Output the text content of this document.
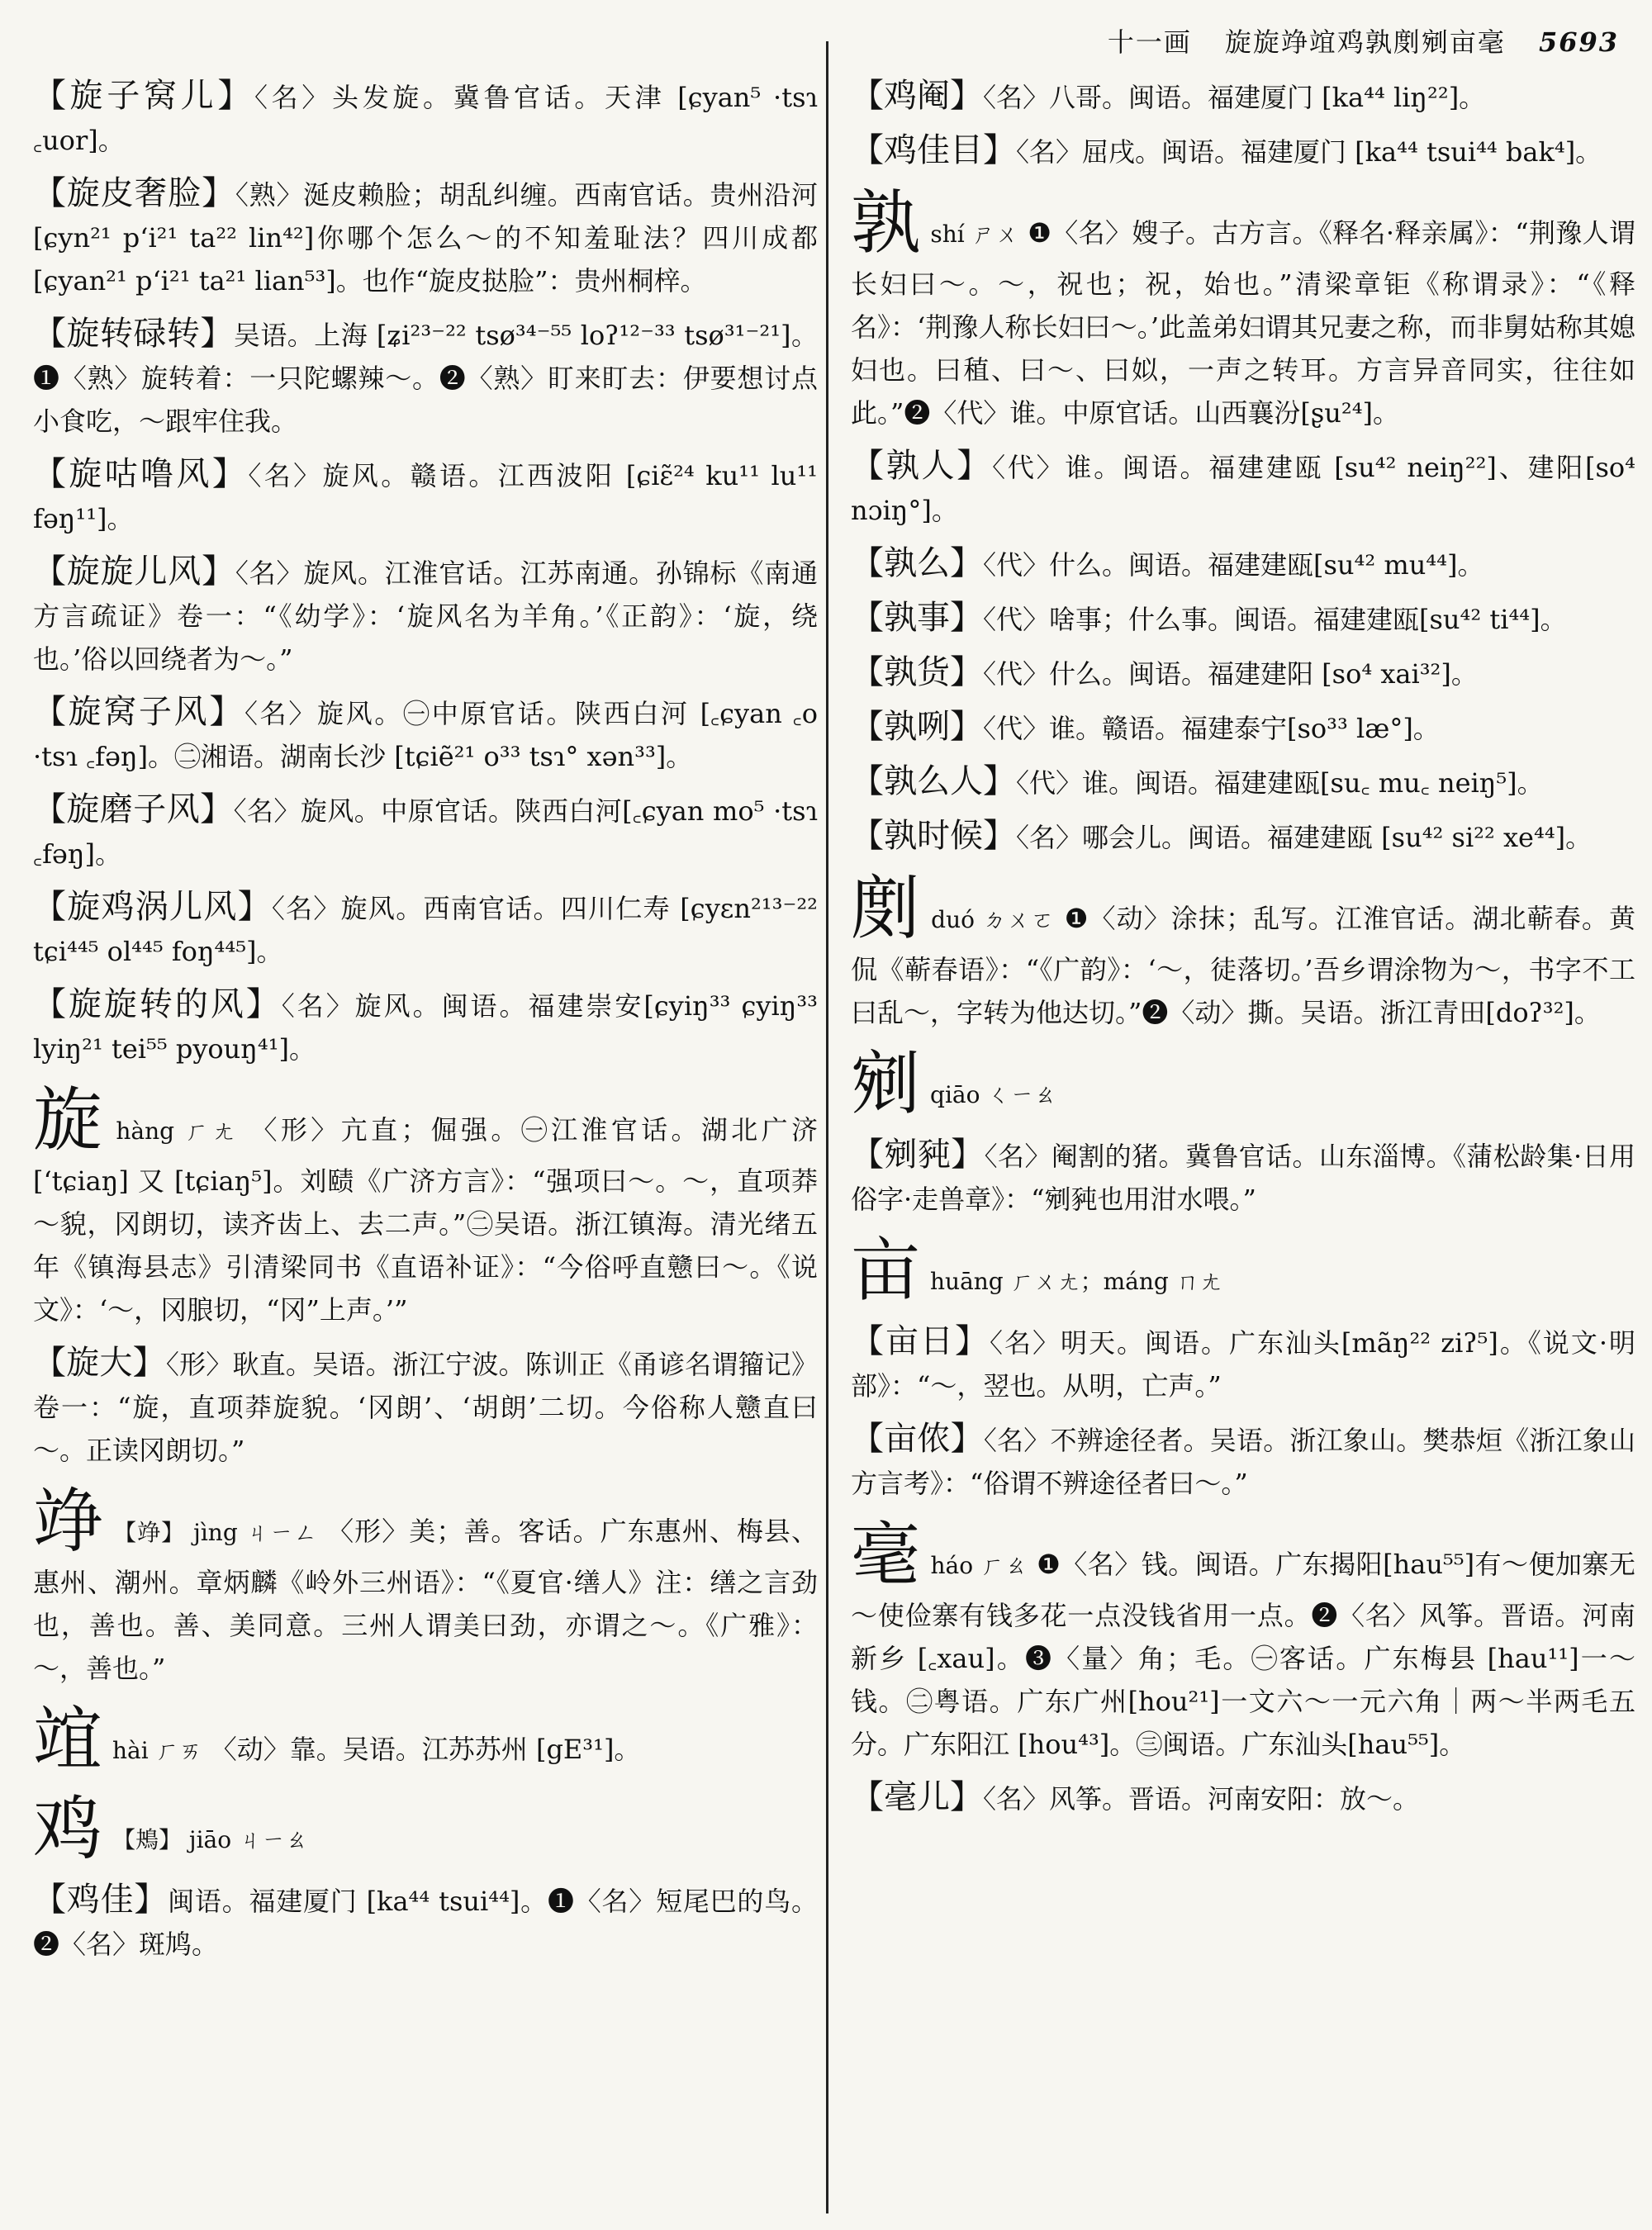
十一画 旋旋竫竩鸡孰剫剜亩毫 5693
【旋子窝儿】〈名〉头发旋。冀鲁官话。天津 [ɕyan⁵ ·tsɿ ꜀uor]。
【旋皮奢脸】〈熟〉涎皮赖脸；胡乱纠缠。西南官话。贵州沿河[ɕyn²¹ pʻi²¹ ta²² lin⁴²]你哪个怎么～的不知羞耻法？四川成都 [ɕyan²¹ pʻi²¹ ta²¹ lian⁵³]。也作“旋皮挞脸”：贵州桐梓。
【旋转碌转】吴语。上海 [ʑi²³⁻²² tsø³⁴⁻⁵⁵ loʔ¹²⁻³³ tsø³¹⁻²¹]。❶〈熟〉旋转着：一只陀螺辣～。❷〈熟〉盯来盯去：伊要想讨点小食吃，～跟牢住我。
【旋咕噜风】〈名〉旋风。赣语。江西波阳 [ɕiɛ̃²⁴ ku¹¹ lu¹¹ fəŋ¹¹]。
【旋旋儿风】〈名〉旋风。江淮官话。江苏南通。孙锦标《南通方言疏证》卷一：“《幼学》：‘旋风名为羊角。’《正韵》：‘旋，绕也。’俗以回绕者为～。”
【旋窝子风】〈名〉旋风。㊀中原官话。陕西白河 [꜀ɕyan ꜀o ·tsɿ ꜀fəŋ]。㊁湘语。湖南长沙 [tɕiẽ²¹ o³³ tsɿ° xən³³]。
【旋磨子风】〈名〉旋风。中原官话。陕西白河[꜀ɕyan mo⁵ ·tsɿ ꜀fəŋ]。
【旋鸡涡儿风】〈名〉旋风。西南官话。四川仁寿 [ɕyɛn²¹³⁻²² tɕi⁴⁴⁵ ol⁴⁴⁵ foŋ⁴⁴⁵]。
【旋旋转的风】〈名〉旋风。闽语。福建崇安[ɕyiŋ³³ ɕyiŋ³³ lyiŋ²¹ tei⁵⁵ pyouŋ⁴¹]。
旋hàng ㄏㄤ 〈形〉亢直；倔强。㊀江淮官话。湖北广济 [ʻtɕiaŋ] 又 [tɕiaŋ⁵]。刘赜《广济方言》：“强项曰～。～，直项莽～貌，冈朗切，读齐齿上、去二声。”㊁吴语。浙江镇海。清光绪五年《镇海县志》引清梁同书《直语补证》：“今俗呼直戆曰～。《说文》：‘～，冈朖切，“冈”上声。’”
【旋大】〈形〉耿直。吴语。浙江宁波。陈训正《甬谚名谓籀记》卷一：“旋，直项莽旋貌。‘冈朗’、‘胡朗’二切。今俗称人戆直曰～。正读冈朗切。”
竫 【竫】 jìng ㄐㄧㄥ 〈形〉美；善。客话。广东惠州、梅县、惠州、潮州。章炳麟《岭外三州语》：“《夏官·缮人》注：缮之言劲也，善也。善、美同意。三州人谓美曰劲，亦谓之～。《广雅》：～，善也。”
竩hài ㄏㄞ 〈动〉靠。吴语。江苏苏州 [gE³¹]。
鸡 【鴂】 jiāo ㄐㄧㄠ
【鸡佳】闽语。福建厦门 [ka⁴⁴ tsui⁴⁴]。❶〈名〉短尾巴的鸟。❷〈名〉斑鸠。
【鸡阉】〈名〉八哥。闽语。福建厦门 [ka⁴⁴ liŋ²²]。
【鸡佳目】〈名〉屈戌。闽语。福建厦门 [ka⁴⁴ tsui⁴⁴ bak⁴]。
孰shí ㄕㄨ ❶〈名〉嫂子。古方言。《释名·释亲属》：“荆豫人谓长妇曰～。～，祝也；祝，始也。”清梁章钜《称谓录》：“《释名》：‘荆豫人称长妇曰～。’此盖弟妇谓其兄妻之称，而非舅姑称其媳妇也。曰稙、曰～、曰姒，一声之转耳。方言异音同实，往往如此。”❷〈代〉谁。中原官话。山西襄汾[ʂu²⁴]。
【孰人】〈代〉谁。闽语。福建建瓯 [su⁴² neiŋ²²]、建阳[so⁴ nɔiŋ°]。
【孰么】〈代〉什么。闽语。福建建瓯[su⁴² mu⁴⁴]。
【孰事】〈代〉啥事；什么事。闽语。福建建瓯[su⁴² ti⁴⁴]。
【孰货】〈代〉什么。闽语。福建建阳 [so⁴ xai³²]。
【孰咧】〈代〉谁。赣语。福建泰宁[so³³ læ°]。
【孰么人】〈代〉谁。闽语。福建建瓯[su꜀ mu꜀ neiŋ⁵]。
【孰时候】〈名〉哪会儿。闽语。福建建瓯 [su⁴² si²² xe⁴⁴]。
剫duó ㄉㄨㄛ ❶〈动〉涂抹；乱写。江淮官话。湖北蕲春。黄侃《蕲春语》：“《广韵》：‘～，徒落切。’吾乡谓涂物为～，书字不工曰乱～，字转为他达切。”❷〈动〉撕。吴语。浙江青田[doʔ³²]。
剜qiāo ㄑㄧㄠ
【剜豘】〈名〉阉割的猪。冀鲁官话。山东淄博。《蒲松龄集·日用俗字·走兽章》：“剜豘也用泔水喂。”
亩huāng ㄏㄨㄤ；máng ㄇㄤ
【亩日】〈名〉明天。闽语。广东汕头[mãŋ²² ziʔ⁵]。《说文·明部》：“～，翌也。从明，亡声。”
【亩侬】〈名〉不辨途径者。吴语。浙江象山。樊恭烜《浙江象山方言考》：“俗谓不辨途径者曰～。”
毫háo ㄏㄠ ❶〈名〉钱。闽语。广东揭阳[hau⁵⁵]有～便加寨无～使俭寨有钱多花一点没钱省用一点。❷〈名〉风筝。晋语。河南新乡 [꜀xau]。❸〈量〉角；毛。㊀客话。广东梅县 [hau¹¹]一～钱。㊁粤语。广东广州[hou²¹]一文六～一元六角｜两～半两毛五分。广东阳江 [hou⁴³]。㊂闽语。广东汕头[hau⁵⁵]。
【毫儿】〈名〉风筝。晋语。河南安阳：放～。
